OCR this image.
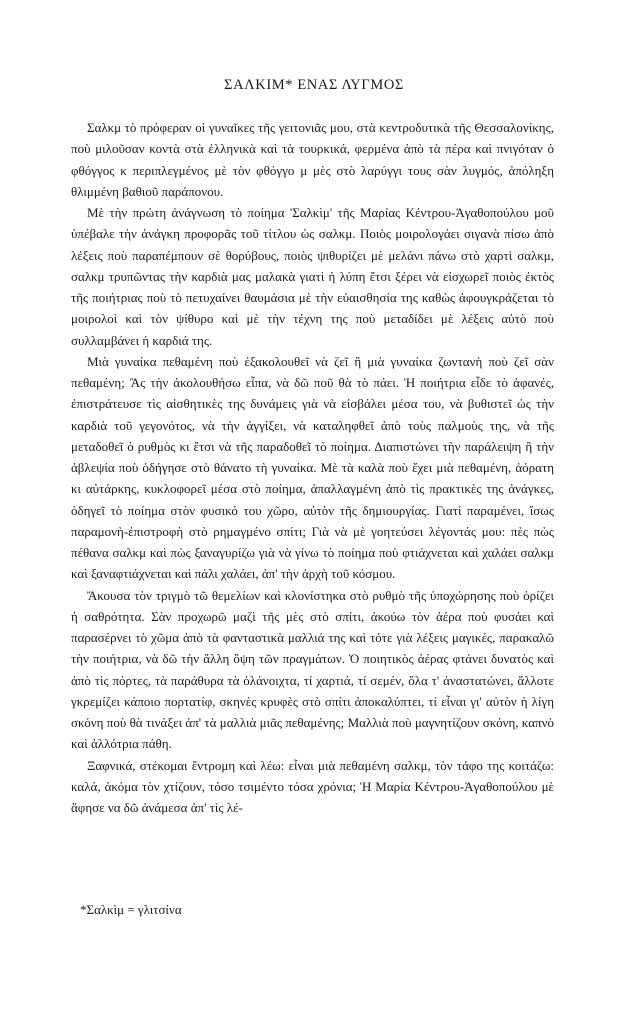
ΣΑΛΚΙΜ* ΕΝΑΣ ΛΥΓΜΟΣ

Σαλκμ τὸ πρόφεραν οἱ γυναῖκες τῆς γειτονιᾶς μου, στὰ κεντροδυτικὰ τῆς Θεσσαλονίκης, ποὺ μιλοῦσαν κοντὰ στὰ ἑλληνικὰ καὶ τὰ τουρκικά, φερμένα ἀπὸ τὰ πέρα καὶ πνιγόταν ὁ φθόγγος κ περιπλεγμένος μὲ τὸν φθόγγο μ μὲς στὸ λαρύγγι τους σὰν λυγμός, ἀπόληξη θλιμμένη βαθιοῦ παράπονου.

Μὲ τὴν πρώτη ἀνάγνωση τὸ ποίημα 'Σαλκὶμ' τῆς Μαρίας Κέντρου-Ἀγαθοπούλου μοῦ ὑπέβαλε τὴν ἀνάγκη προφορᾶς τοῦ τίτλου ὡς σαλκμ. Ποιὸς μοιρολογάει σιγανὰ πίσω ἀπὸ λέξεις ποὺ παραπέμπουν σὲ θορύβους, ποιὸς ψιθυρίζει μὲ μελάνι πάνω στὸ χαρτὶ σαλκμ, σαλκμ τρυπῶντας τὴν καρδιὰ μας μαλακὰ γιατὶ ἡ λύπη ἔτσι ξέρει νὰ εἰσχωρεῖ ποιὸς ἐκτὸς τῆς ποιήτριας ποὺ τὸ πετυχαίνει θαυμάσια μὲ τὴν εὐαισθησία της καθὼς ἀφουγκράζεται τὸ μοιρολοὶ καὶ τὸν ψίθυρο καὶ μὲ τὴν τέχνη της ποὺ μεταδίδει μὲ λέξεις αὐτὸ ποὺ συλλαμβάνει ἡ καρδιά της.

Μιὰ γυναίκα πεθαμένη ποὺ ἐξακολουθεῖ νὰ ζεῖ ἢ μιὰ γυναίκα ζωντανὴ ποὺ ζεῖ σὰν πεθαμένη; Ἂς τὴν ἀκολουθήσω εἶπα, νὰ δῶ ποῦ θὰ τὸ πάει. Ἡ ποιήτρια εἶδε τὸ ἀφανές, ἐπιστράτευσε τὶς αἰσθητικὲς της δυνάμεις γιὰ νὰ εἰσβάλει μέσα του, νὰ βυθιστεῖ ὡς τὴν καρδιὰ τοῦ γεγονότος, νὰ τὴν ἀγγίξει, νὰ καταληφθεῖ ἀπὸ τοὺς παλμοὺς της, νὰ τῆς μεταδοθεῖ ὁ ρυθμὸς κι ἔτσι νὰ τῆς παραδοθεῖ τὸ ποίημα. Διαπιστώνει τὴν παράλειψη ἢ τὴν ἀβλεψία ποὺ ὁδήγησε στὸ θάνατο τὴ γυναίκα. Μὲ τὰ καλὰ ποὺ ἔχει μιὰ πεθαμένη, ἀόρατη κι αὐτάρκης, κυκλοφορεῖ μέσα στὸ ποίημα, ἀπαλλαγμένη ἀπὸ τὶς πρακτικὲς της ἀνάγκες, ὁδηγεῖ τὸ ποίημα στὸν φυσικό του χῶρο, αὐτὸν τῆς δημιουργίας. Γιατί παραμένει, ἴσως παραμονὴ-ἐπιστροφὴ στὸ ρημαγμένο σπίτι; Γιὰ νὰ μὲ γοητεύσει λέγοντάς μου: πὲς πὼς πέθανα σαλκμ καὶ πὼς ξαναγυρίζω γιὰ νὰ γίνω τὸ ποίημα ποὺ φτιάχνεται καὶ χαλάει σαλκμ καὶ ξαναφτιάχνεται καὶ πάλι χαλάει, ἀπ' τὴν ἀρχὴ τοῦ κόσμου.

Ἄκουσα τὸν τριγμὸ τῶ θεμελίων καὶ κλονίστηκα στὸ ρυθμὸ τῆς ὑποχώρησης ποὺ ὁρίζει ἡ σαθρότητα. Σὰν προχωρῶ μαζὶ τῆς μὲς στὸ σπίτι, ἀκούω τὸν ἀέρα ποὺ φυσάει καὶ παρασέρνει τὸ χῶμα ἀπὸ τὰ φανταστικὰ μαλλιά της καὶ τότε γιὰ λέξεις μαγικές, παρακαλῶ τὴν ποιήτρια, νὰ δῶ τὴν ἄλλη ὄψη τῶν πραγμάτων. Ὁ ποιητικὸς ἀέρας φτάνει δυνατὸς καὶ ἀπὸ τὶς πόρτες, τὰ παράθυρα τὰ ὀλάνοιχτα, τί χαρτιά, τί σεμέν, ὅλα τ' ἀναστατώνει, ἄλλοτε γκρεμίζει κάποιο πορτατίφ, σκηνὲς κρυφὲς στὸ σπίτι ἀποκαλύπτει, τί εἶναι γι' αὐτὸν ἡ λίγη σκόνη ποὺ θὰ τινάξει ἀπ' τὰ μαλλιὰ μιᾶς πεθαμένης; Μαλλιὰ ποὺ μαγνητίζουν σκόνη, καπνὸ καὶ ἀλλότρια πάθη.

Ξαφνικά, στέκομαι ἔντρομη καὶ λέω: εἶναι μιὰ πεθαμένη σαλκμ, τὸν τάφο της κοιτάζω: καλά, ἀκόμα τὸν χτίζουν, τόσο τσιμέντο τόσα χρόνια; Ἡ Μαρία Κέντρου-Ἀγαθοπούλου μὲ ἄφησε να δῶ ἀνάμεσα ἀπ' τὶς λέ-

*Σαλκὶμ = γλιτσίνα
